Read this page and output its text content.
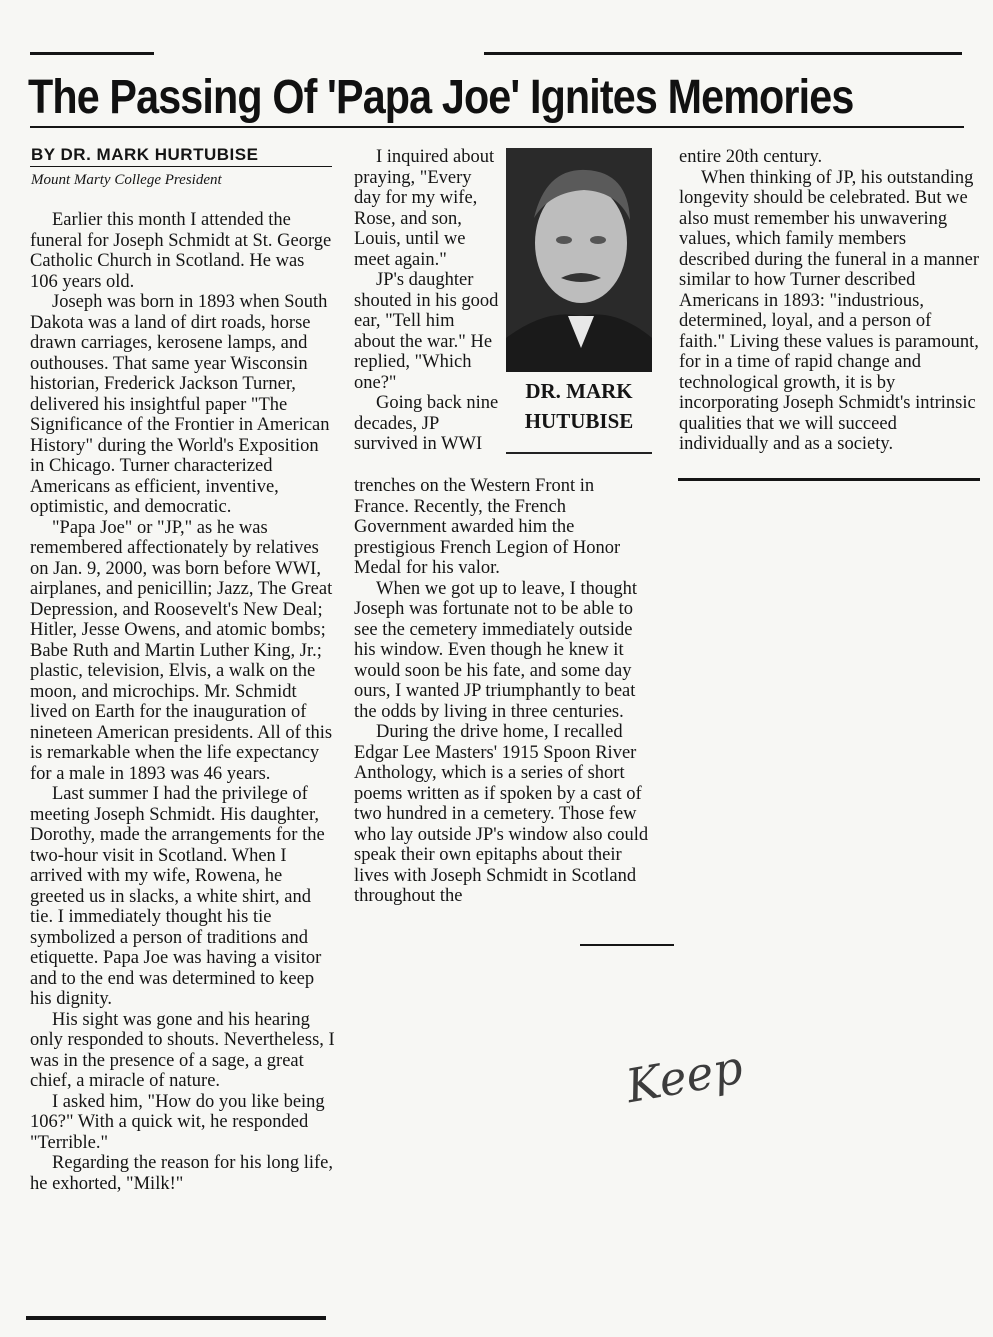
The Passing Of 'Papa Joe' Ignites Memories
BY DR. MARK HURTUBISE
Mount Marty College President

Earlier this month I attended the funeral for Joseph Schmidt at St. George Catholic Church in Scotland. He was 106 years old.

Joseph was born in 1893 when South Dakota was a land of dirt roads, horse drawn carriages, kerosene lamps, and outhouses. That same year Wisconsin historian, Frederick Jackson Turner, delivered his insightful paper "The Significance of the Frontier in American History" during the World's Exposition in Chicago. Turner characterized Americans as efficient, inventive, optimistic, and democratic.

"Papa Joe" or "JP," as he was remembered affectionately by relatives on Jan. 9, 2000, was born before WWI, airplanes, and penicillin; Jazz, The Great Depression, and Roosevelt's New Deal; Hitler, Jesse Owens, and atomic bombs; Babe Ruth and Martin Luther King, Jr.; plastic, television, Elvis, a walk on the moon, and microchips. Mr. Schmidt lived on Earth for the inauguration of nineteen American presidents. All of this is remarkable when the life expectancy for a male in 1893 was 46 years.

Last summer I had the privilege of meeting Joseph Schmidt. His daughter, Dorothy, made the arrangements for the two-hour visit in Scotland. When I arrived with my wife, Rowena, he greeted us in slacks, a white shirt, and tie. I immediately thought his tie symbolized a person of traditions and etiquette. Papa Joe was having a visitor and to the end was determined to keep his dignity.

His sight was gone and his hearing only responded to shouts. Nevertheless, I was in the presence of a sage, a great chief, a miracle of nature.

I asked him, "How do you like being 106?" With a quick wit, he responded "Terrible."

Regarding the reason for his long life, he exhorted, "Milk!"

I inquired about praying, "Every day for my wife, Rose, and son, Louis, until we meet again."

JP's daughter shouted in his good ear, "Tell him about the war." He replied, "Which one?"

Going back nine decades, JP survived in WWI

DR. MARK
HUTUBISE

trenches on the Western Front in France. Recently, the French Government awarded him the prestigious French Legion of Honor Medal for his valor.

When we got up to leave, I thought Joseph was fortunate not to be able to see the cemetery immediately outside his window. Even though he knew it would soon be his fate, and some day ours, I wanted JP triumphantly to beat the odds by living in three centuries.

During the drive home, I recalled Edgar Lee Masters' 1915 Spoon River Anthology, which is a series of short poems written as if spoken by a cast of two hundred in a cemetery. Those few who lay outside JP's window also could speak their own epitaphs about their lives with Joseph Schmidt in Scotland throughout the

entire 20th century.

When thinking of JP, his outstanding longevity should be celebrated. But we also must remember his unwavering values, which family members described during the funeral in a manner similar to how Turner described Americans in 1893: "industrious, determined, loyal, and a person of faith." Living these values is paramount, for in a time of rapid change and technological growth, it is by incorporating Joseph Schmidt's intrinsic qualities that we will succeed individually and as a society.

Keep
